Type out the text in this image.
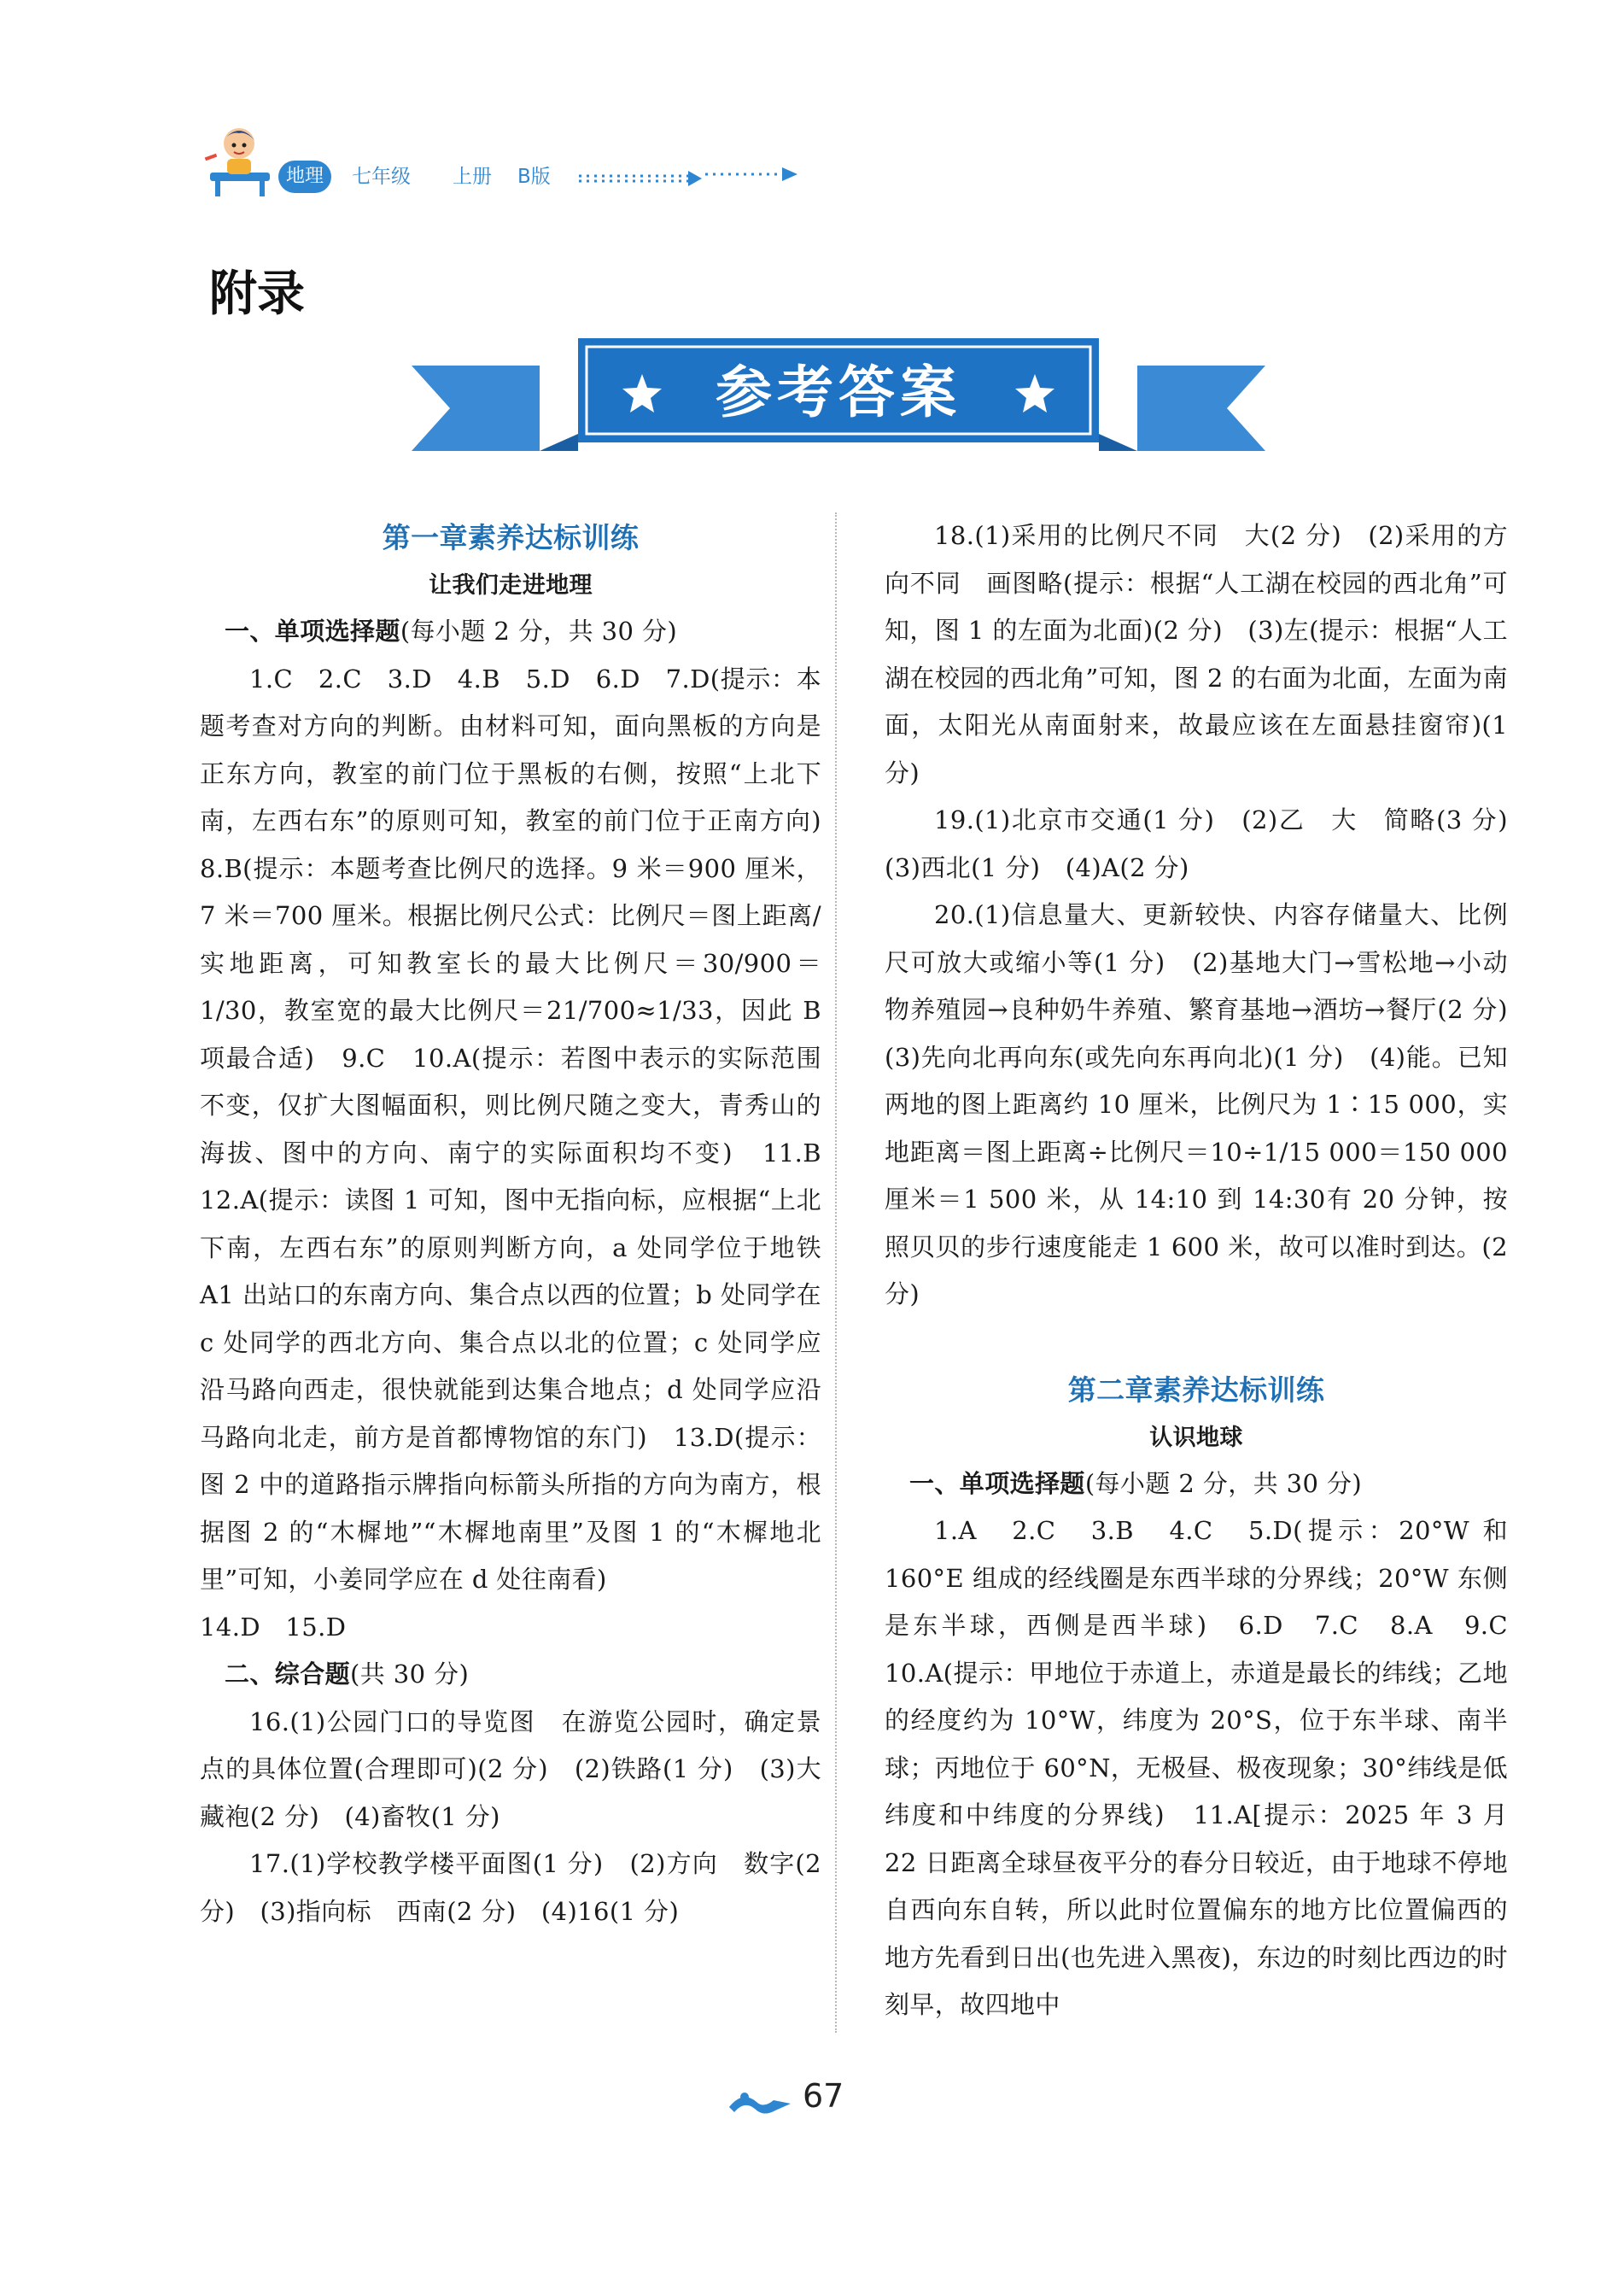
地理	七年级 上册 B版
附录
参考答案

第一章素养达标训练

让我们走进地理

一、单项选择题(每小题 2 分，共 30 分)

1.C　2.C　3.D　4.B　5.D　6.D　7.D(提示：本题考查对方向的判断。由材料可知，面向黑板的方向是正东方向，教室的前门位于黑板的右侧，按照“上北下南，左西右东”的原则可知，教室的前门位于正南方向)　8.B(提示：本题考查比例尺的选择。9 米＝900 厘米，7 米＝700 厘米。根据比例尺公式：比例尺＝图上距离/实地距离，可知教室长的最大比例尺＝30/900＝1/30，教室宽的最大比例尺＝21/700≈1/33，因此 B 项最合适)　9.C　10.A(提示：若图中表示的实际范围不变，仅扩大图幅面积，则比例尺随之变大，青秀山的海拔、图中的方向、南宁的实际面积均不变)　11.B　12.A(提示：读图 1 可知，图中无指向标，应根据“上北下南，左西右东”的原则判断方向，a 处同学位于地铁 A1 出站口的东南方向、集合点以西的位置；b 处同学在 c 处同学的西北方向、集合点以北的位置；c 处同学应沿马路向西走，很快就能到达集合地点；d 处同学应沿马路向北走，前方是首都博物馆的东门)　13.D(提示：图 2 中的道路指示牌指向标箭头所指的方向为南方，根据图 2 的“木樨地”“木樨地南里”及图 1 的“木樨地北里”可知，小姜同学应在 d 处往南看)

14.D　15.D

二、综合题(共 30 分)

16.(1)公园门口的导览图　在游览公园时，确定景点的具体位置(合理即可)(2 分)　(2)铁路(1 分)　(3)大　藏袍(2 分)　(4)畜牧(1 分)

17.(1)学校教学楼平面图(1 分)　(2)方向　数字(2 分)　(3)指向标　西南(2 分)　(4)16(1 分)

18.(1)采用的比例尺不同　大(2 分)　(2)采用的方向不同　画图略(提示：根据“人工湖在校园的西北角”可知，图 1 的左面为北面)(2 分)　(3)左(提示：根据“人工湖在校园的西北角”可知，图 2 的右面为北面，左面为南面，太阳光从南面射来，故最应该在左面悬挂窗帘)(1 分)

19.(1)北京市交通(1 分)　(2)乙　大　简略(3 分)　(3)西北(1 分)　(4)A(2 分)

20.(1)信息量大、更新较快、内容存储量大、比例尺可放大或缩小等(1 分)　(2)基地大门→雪松地→小动物养殖园→良种奶牛养殖、繁育基地→酒坊→餐厅(2 分)　(3)先向北再向东(或先向东再向北)(1 分)　(4)能。已知两地的图上距离约 10 厘米，比例尺为 1∶15 000，实地距离＝图上距离÷比例尺＝10÷1/15 000＝150 000厘米＝1 500 米，从 14:10 到 14:30有 20 分钟，按照贝贝的步行速度能走 1 600 米，故可以准时到达。(2 分)

第二章素养达标训练

认识地球

一、单项选择题(每小题 2 分，共 30 分)

1.A　2.C　3.B　4.C　5.D(提示：20°W 和 160°E 组成的经线圈是东西半球的分界线；20°W 东侧是东半球，西侧是西半球)　6.D　7.C　8.A　9.C　10.A(提示：甲地位于赤道上，赤道是最长的纬线；乙地的经度约为 10°W，纬度为 20°S，位于东半球、南半球；丙地位于 60°N，无极昼、极夜现象；30°纬线是低纬度和中纬度的分界线)　11.A[提示：2025 年 3 月 22 日距离全球昼夜平分的春分日较近，由于地球不停地自西向东自转，所以此时位置偏东的地方比位置偏西的地方先看到日出(也先进入黑夜)，东边的时刻比西边的时刻早，故四地中

67
